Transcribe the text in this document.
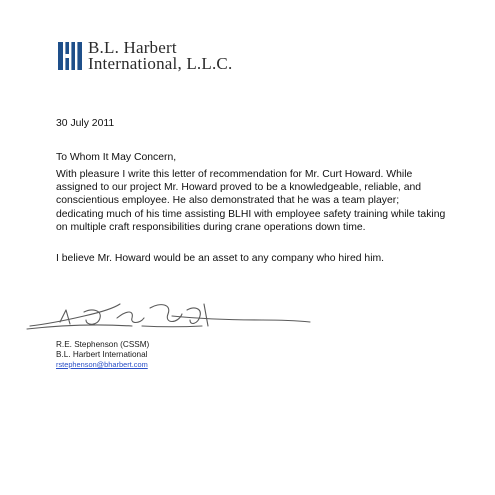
B.L. Harbert
International, L.L.C.
30 July 2011
To Whom It May Concern,
With pleasure I write this letter of recommendation for Mr. Curt Howard. While assigned to our project Mr. Howard proved to be a knowledgeable, reliable, and conscientious employee. He also demonstrated that he was a team player; dedicating much of his time assisting BLHI with employee safety training while taking on multiple craft responsibilities during crane operations down time.
I believe Mr. Howard would be an asset to any company who hired him.
R.E. Stephenson (CSSM)
B.L. Harbert International
rstephenson@bharbert.com
